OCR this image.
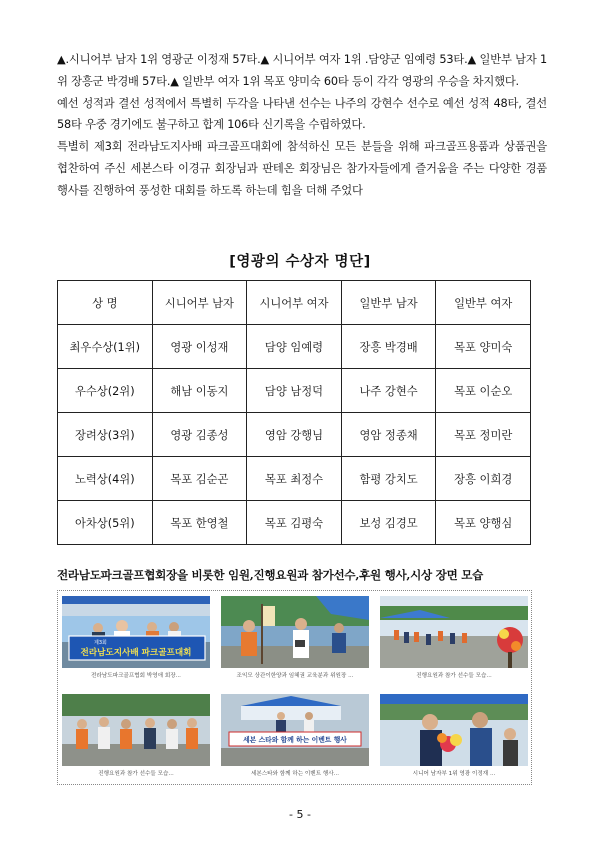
▲.시니어부 남자 1위 영광군 이정재 57타.▲ 시니어부 여자 1위 .담양군 임예령 53타.▲ 일반부 남자 1위 장흥군 박경배 57타.▲ 일반부 여자 1위 목포 양미숙 60타 등이 각각 영광의 우승을 차지했다.

예선 성적과 결선 성적에서 특별히 두각을 나타낸 선수는 나주의 강현수 선수로 예선 성적 48타, 결선 58타 우중 경기에도 불구하고 합계 106타 신기록을 수립하였다.

특별히 제3회 전라남도지사배 파크골프대회에 참석하신 모든 분들을 위해 파크골프용품과 상품권을 협찬하여 주신 세본스타 이경규 회장님과 판테온 회장님은 참가자들에게 즐거움을 주는 다양한 경품 행사를 진행하여 풍성한 대회를 하도록 하는데 힘을 더해 주었다

[영광의 수상자 명단]
상 명	시니어부 남자	시니어부 여자	일반부 남자	일반부 여자
최우수상(1위)	영광 이성재	담양 임예령	장흥 박경배	목포 양미숙
우수상(2위)	해남 이동지	담양 남정덕	나주 강현수	목포 이순오
장려상(3위)	영광 김종성	영암 강행님	영암 정종채	목포 정미란
노력상(4위)	목포 김순곤	목포 최정수	함평 강치도	장흥 이희경
아차상(5위)	목포 한영철	목포 김평숙	보성 김경모	목포 양행심
전라남도파크골프협회장을 비롯한 임원,진행요원과 참가선수,후원 행사,시상 장면 모습
제3회
전라남도지사배 파크골프대회
전라남도파크골프협회 박영애 회장...	조익모 상관이한양과 임혜권 교육분과 위원장 ...	진행요원과 참가 선수들 모습...
진행요원과 참가 선수들 모습...
세본 스타와 함께 하는 이벤트 행사
세본스타와 함께 하는 이벤트 행사...	시니어 남자부 1위 영광 이정재 ...
- 5 -
